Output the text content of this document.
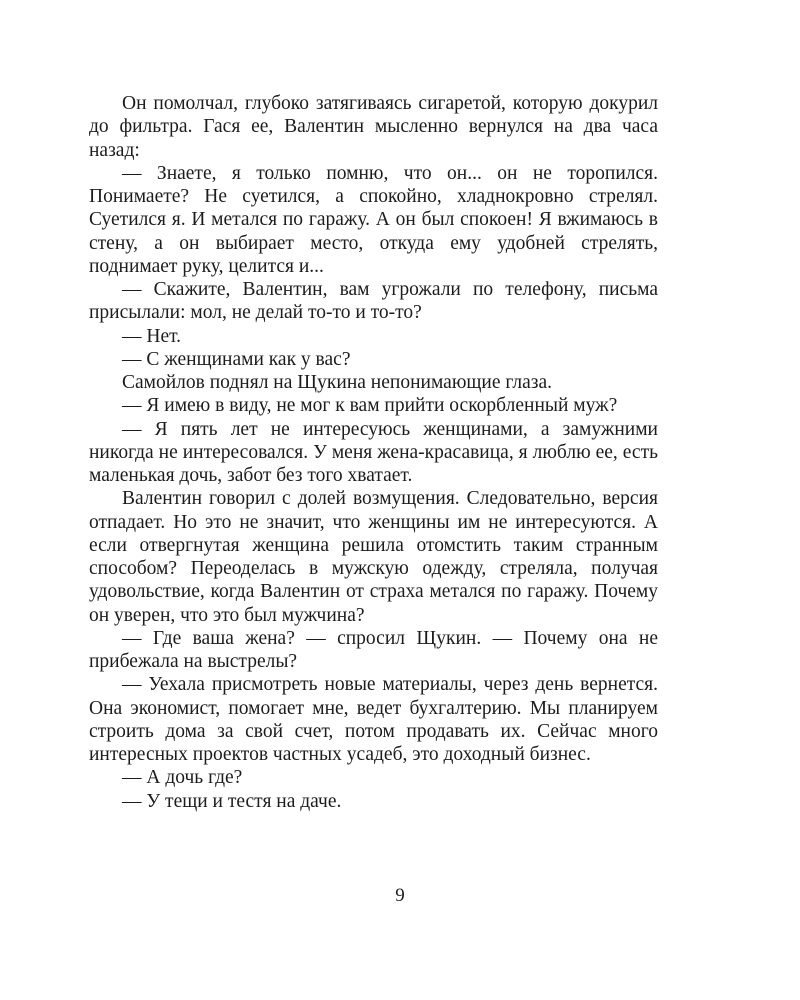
Он помолчал, глубоко затягиваясь сигаретой, которую докурил до фильтра. Гася ее, Валентин мысленно вернулся на два часа назад:

— Знаете, я только помню, что он... он не торопился. Понимаете? Не суетился, а спокойно, хладнокровно стрелял. Суетился я. И метался по гаражу. А он был спокоен! Я вжимаюсь в стену, а он выбирает место, откуда ему удобней стрелять, поднимает руку, целится и...

— Скажите, Валентин, вам угрожали по телефону, письма присылали: мол, не делай то-то и то-то?

— Нет.

— С женщинами как у вас?

Самойлов поднял на Щукина непонимающие глаза.

— Я имею в виду, не мог к вам прийти оскорбленный муж?

— Я пять лет не интересуюсь женщинами, а замужними никогда не интересовался. У меня жена-красавица, я люблю ее, есть маленькая дочь, забот без того хватает.

Валентин говорил с долей возмущения. Следовательно, версия отпадает. Но это не значит, что женщины им не интересуются. А если отвергнутая женщина решила отомстить таким странным способом? Переоделась в мужскую одежду, стреляла, получая удовольствие, когда Валентин от страха метался по гаражу. Почему он уверен, что это был мужчина?

— Где ваша жена? — спросил Щукин. — Почему она не прибежала на выстрелы?

— Уехала присмотреть новые материалы, через день вернется. Она экономист, помогает мне, ведет бухгалтерию. Мы планируем строить дома за свой счет, потом продавать их. Сейчас много интересных проектов частных усадеб, это доходный бизнес.

— А дочь где?

— У тещи и тестя на даче.

9
